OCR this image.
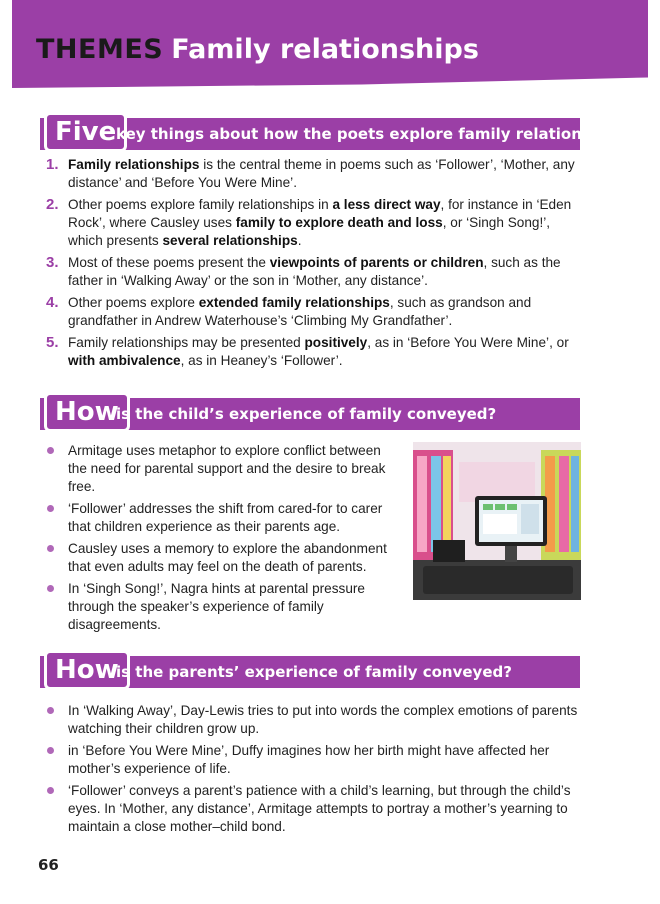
THEMES Family relationships
Five key things about how the poets explore family relationships
1. Family relationships is the central theme in poems such as ‘Follower’, ‘Mother, any distance’ and ‘Before You Were Mine’.
2. Other poems explore family relationships in a less direct way, for instance in ‘Eden Rock’, where Causley uses family to explore death and loss, or ‘Singh Song!’, which presents several relationships.
3. Most of these poems present the viewpoints of parents or children, such as the father in ‘Walking Away’ or the son in ‘Mother, any distance’.
4. Other poems explore extended family relationships, such as grandson and grandfather in Andrew Waterhouse’s ‘Climbing My Grandfather’.
5. Family relationships may be presented positively, as in ‘Before You Were Mine’, or with ambivalence, as in Heaney’s ‘Follower’.
How
is the child’s experience of family conveyed?
Armitage uses metaphor to explore conflict between the need for parental support and the desire to break free.
‘Follower’ addresses the shift from cared-for to carer that children experience as their parents age.
Causley uses a memory to explore the abandonment that even adults may feel on the death of parents.
In ‘Singh Song!’, Nagra hints at parental pressure through the speaker’s experience of family disagreements.
How
is the parents’ experience of family conveyed?
In ‘Walking Away’, Day-Lewis tries to put into words the complex emotions of parents watching their children grow up.
in ‘Before You Were Mine’, Duffy imagines how her birth might have affected her mother’s experience of life.
‘Follower’ conveys a parent’s patience with a child’s learning, but through the child’s eyes. In ‘Mother, any distance’, Armitage attempts to portray a mother’s yearning to maintain a close mother–child bond.
66
